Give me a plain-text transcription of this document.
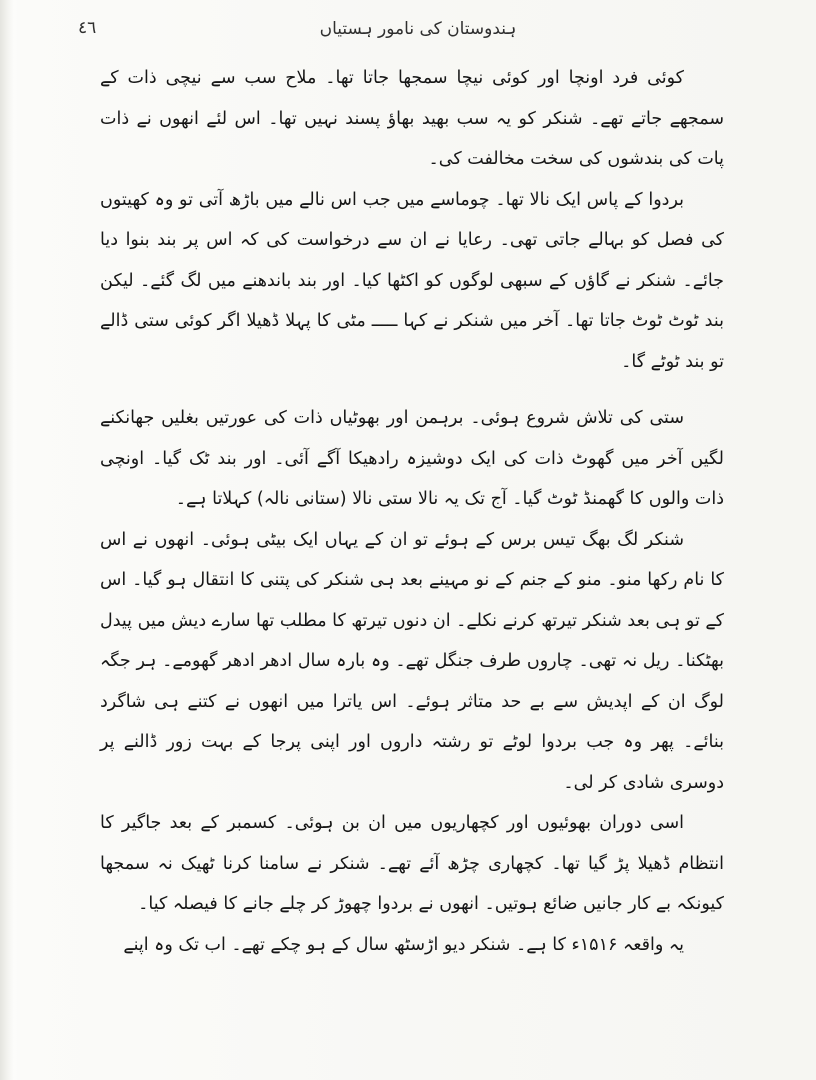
٤٦	ہندوستان کی نامور ہستیاں

کوئی فرد اونچا اور کوئی نیچا سمجھا جاتا تھا۔ ملاح سب سے نیچی ذات کے سمجھے جاتے تھے۔ شنکر کو یہ سب بھید بھاؤ پسند نہیں تھا۔ اس لئے انھوں نے ذات پات کی بندشوں کی سخت مخالفت کی۔

بردوا کے پاس ایک نالا تھا۔ چوماسے میں جب اس نالے میں باڑھ آتی تو وہ کھیتوں کی فصل کو بہالے جاتی تھی۔ رعایا نے ان سے درخواست کی کہ اس پر بند بنوا دیا جائے۔ شنکر نے گاؤں کے سبھی لوگوں کو اکٹھا کیا۔ اور بند باندھنے میں لگ گئے۔ لیکن بند ٹوٹ ٹوٹ جاتا تھا۔ آخر میں شنکر نے کہا ـــــ مٹی کا پہلا ڈھیلا اگر کوئی ستی ڈالے تو بند ٹوٹے گا۔

ستی کی تلاش شروع ہوئی۔ برہمن اور بھوٹیاں ذات کی عورتیں بغلیں جھانکنے لگیں آخر میں گھوٹ ذات کی ایک دوشیزہ رادھیکا آگے آئی۔ اور بند ٹک گیا۔ اونچی ذات والوں کا گھمنڈ ٹوٹ گیا۔ آج تک یہ نالا ستی نالا (ستانی نالہ) کہلاتا ہے۔

شنکر لگ بھگ تیس برس کے ہوئے تو ان کے یہاں ایک بیٹی ہوئی۔ انھوں نے اس کا نام رکھا منو۔ منو کے جنم کے نو مہینے بعد ہی شنکر کی پتنی کا انتقال ہو گیا۔ اس کے تو ہی بعد شنکر تیرتھ کرنے نکلے۔ ان دنوں تیرتھ کا مطلب تھا سارے دیش میں پیدل بھٹکنا۔ ریل نہ تھی۔ چاروں طرف جنگل تھے۔ وہ بارہ سال ادھر ادھر گھومے۔ ہر جگہ لوگ ان کے اپدیش سے بے حد متاثر ہوئے۔ اس یاترا میں انھوں نے کتنے ہی شاگرد بنائے۔ پھر وہ جب بردوا لوٹے تو رشتہ داروں اور اپنی پرجا کے بہت زور ڈالنے پر دوسری شادی کر لی۔

اسی دوران بھوئیوں اور کچھاریوں میں ان بن ہوئی۔ کسمبر کے بعد جاگیر کا انتظام ڈھیلا پڑ گیا تھا۔ کچھاری چڑھ آئے تھے۔ شنکر نے سامنا کرنا ٹھیک نہ سمجھا کیونکہ بے کار جانیں ضائع ہوتیں۔ انھوں نے بردوا چھوڑ کر چلے جانے کا فیصلہ کیا۔

یہ واقعہ ۱۵۱۶ء کا ہے۔ شنکر دیو اڑسٹھ سال کے ہو چکے تھے۔ اب تک وہ اپنے
